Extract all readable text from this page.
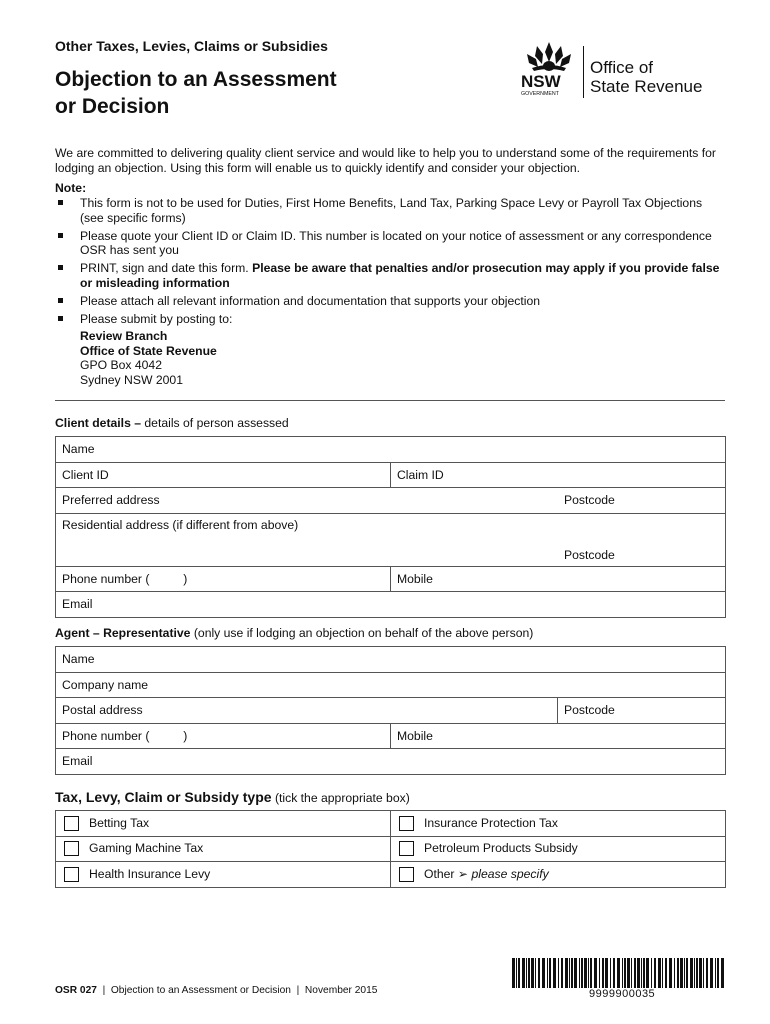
Other Taxes, Levies, Claims or Subsidies
Objection to an Assessment
or Decision
NSW
GOVERNMENT
Office of
State Revenue
We are committed to delivering quality client service and would like to help you to understand some of the requirements for lodging an objection. Using this form will enable us to quickly identify and consider your objection.
Note:
This form is not to be used for Duties, First Home Benefits, Land Tax, Parking Space Levy or Payroll Tax Objections (see specific forms)
Please quote your Client ID or Claim ID. This number is located on your notice of assessment or any correspondence OSR has sent you
PRINT, sign and date this form. Please be aware that penalties and/or prosecution may apply if you provide false or misleading information
Please attach all relevant information and documentation that supports your objection
Please submit by posting to:
Review Branch
Office of State Revenue
GPO Box 4042
Sydney NSW 2001
Client details – details of person assessed
Name		
Client ID	Claim ID	
Preferred address		Postcode
Residential address (if different from above)		Postcode
Phone number (          )	Mobile	
Email		
Agent – Representative (only use if lodging an objection on behalf of the above person)
Name		
Company name		
Postal address		Postcode
Phone number (          )	Mobile	
Email		
Tax, Levy, Claim or Subsidy type (tick the appropriate box)
Betting Tax	Insurance Protection Tax
Gaming Machine Tax	Petroleum Products Subsidy
Health Insurance Levy	Other ➢ please specify
OSR 027  |  Objection to an Assessment or Decision  |  November 2015	9999900035
